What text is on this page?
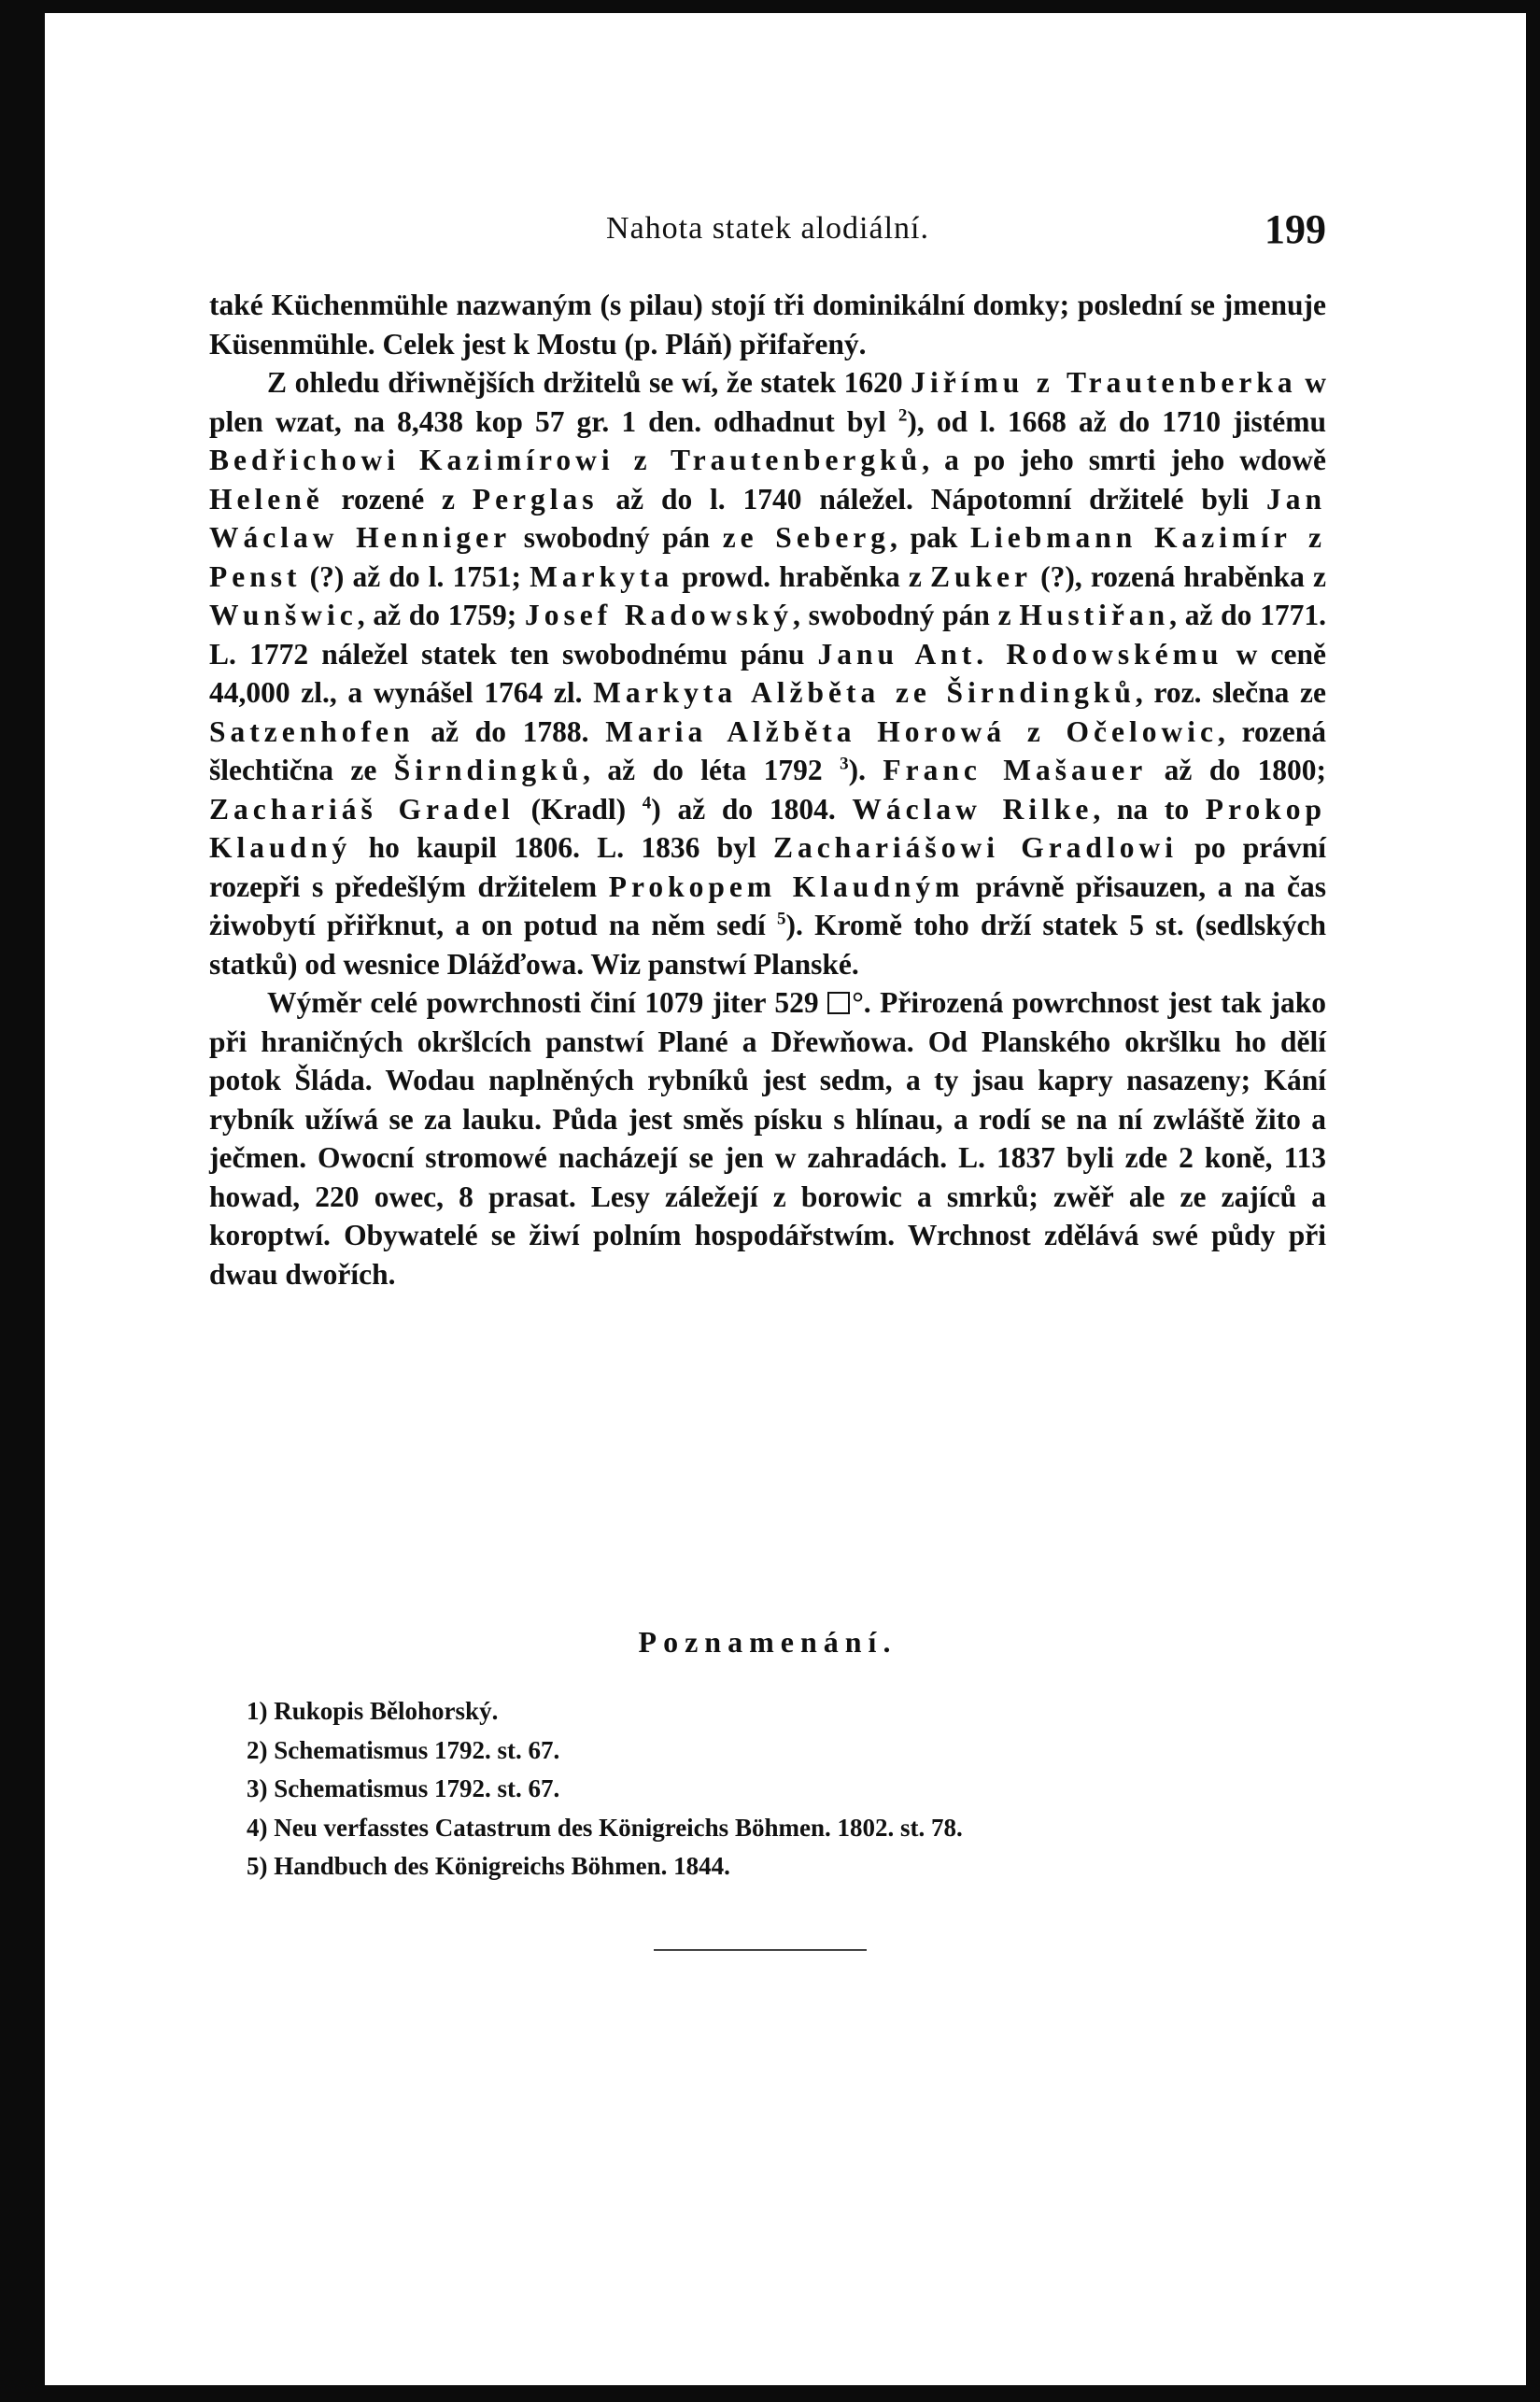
Nahota statek alodiální.	199

také Küchenmühle nazwaným (s pilau) stojí tři dominikální domky; poslední se jmenuje Küsenmühle. Celek jest k Mostu (p. Pláň) přifařený.

Z ohledu dřiwnějších držitelů se wí, že statek 1620 Jiřímu z Trautenberka w plen wzat, na 8,438 kop 57 gr. 1 den. odhadnut byl $^2$), od l. 1668 až do 1710 jistému Bedřichowi Kazimírowi z Trautenbergků, a po jeho smrti jeho wdowě Heleně rozené z Perglas až do l. 1740 náležel. Nápotomní držitelé byli Jan Wáclaw Henniger swobodný pán ze Seberg, pak Liebmann Kazimír z Penst (?) až do l. 1751; Markyta prowd. hraběnka z Zuker (?), rozená hraběnka z Wunšwic, až do 1759; Josef Radowský, swobodný pán z Hustiřan, až do 1771. L. 1772 náležel statek ten swobodnému pánu Janu Ant. Rodowskému w ceně 44,000 zl., a wynášel 1764 zl. Markyta Alžběta ze Širndingků, roz. slečna ze Satzenhofen až do 1788. Maria Alžběta Horowá z Očelowic, rozená šlechtična ze Širndingků, až do léta 1792 $^3$). Franc Mašauer až do 1800; Zachariáš Gradel (Kradl) $^4$) až do 1804. Wáclaw Rilke, na to Prokop Klaudný ho kaupil 1806. L. 1836 byl Zachariášowi Gradlowi po právní rozepři s předešlým držitelem Prokopem Klaudným právně přisauzen, a na čas żiwobytí přiřknut, a on potud na něm sedí $^5$). Kromě toho drží statek 5 st. (sedlských statků) od wesnice Dlážďowa. Wiz panstwí Planské.

Wýměr celé powrchnosti činí 1079 jiter 529 °. Přirozená powrchnost jest tak jako při hraničných okršlcích panstwí Plané a Dřewňowa. Od Planského okršlku ho dělí potok Šláda. Wodau naplněných rybníků jest sedm, a ty jsau kapry nasazeny; Kání rybník užíwá se za lauku. Půda jest směs písku s hlínau, a rodí se na ní zwláště žito a ječmen. Owocní stromowé nacházejí se jen w zahradách. L. 1837 byli zde 2 koně, 113 howad, 220 owec, 8 prasat. Lesy záležejí z borowic a smrků; zwěř ale ze zajíců a koroptwí. Obywatelé se žiwí polním hospodářstwím. Wrchnost zdělává swé půdy při dwau dwořích.

Poznamenání.
1) Rukopis Bělohorský.
2) Schematismus 1792. st. 67.
3) Schematismus 1792. st. 67.
4) Neu verfasstes Catastrum des Königreichs Böhmen. 1802. st. 78.
5) Handbuch des Königreichs Böhmen. 1844.
